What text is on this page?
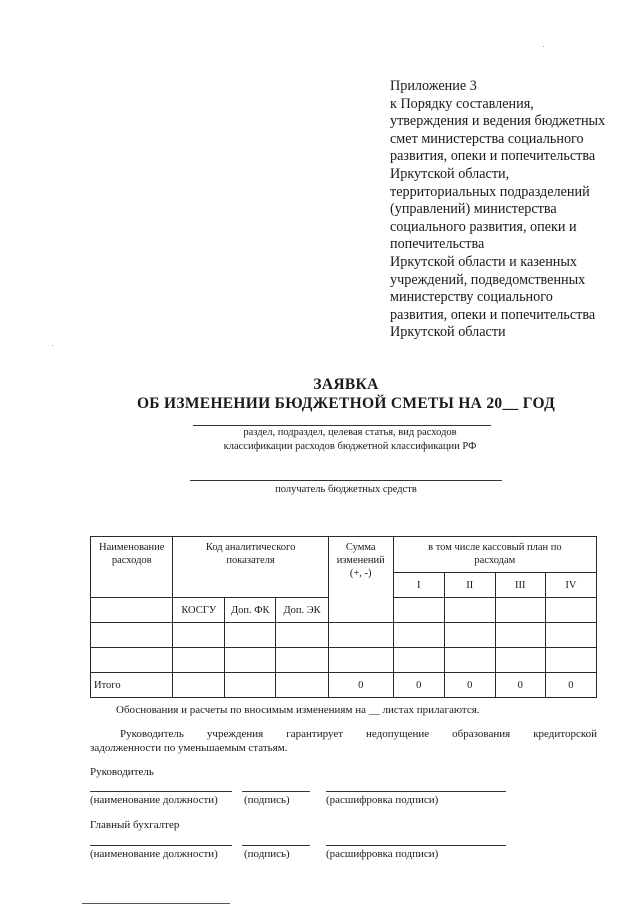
Приложение 3
к Порядку составления,
утверждения и ведения бюджетных
смет министерства социального
развития, опеки и попечительства
Иркутской области,
территориальных подразделений
(управлений) министерства
социального развития, опеки и
попечительства
Иркутской области и казенных
учреждений, подведомственных
министерству социального
развития, опеки и попечительства
Иркутской области
ЗАЯВКА
ОБ ИЗМЕНЕНИИ БЮДЖЕТНОЙ СМЕТЫ НА 20__ ГОД
раздел, подраздел, целевая статья, вид расходов
классификации расходов бюджетной классификации РФ
получатель бюджетных средств
Наименование расходов	Код аналитического показателя			Сумма изменений (+, -)	в том числе кассовый план по расходам			
					I	II	III	IV
	КОСГУ	Доп. ФК	Доп. ЭК					

Итого				0	0	0	0	0
Обоснования и расчеты по вносимым изменениям на __ листах прилагаются.
Руководитель учреждения гарантирует недопущение образования кредиторской
задолженности по уменьшаемым статьям.
Руководитель
(наименование должности) (подпись)	(расшифровка подписи)
Главный бухгалтер
(наименование должности) (подпись)	(расшифровка подписи)
